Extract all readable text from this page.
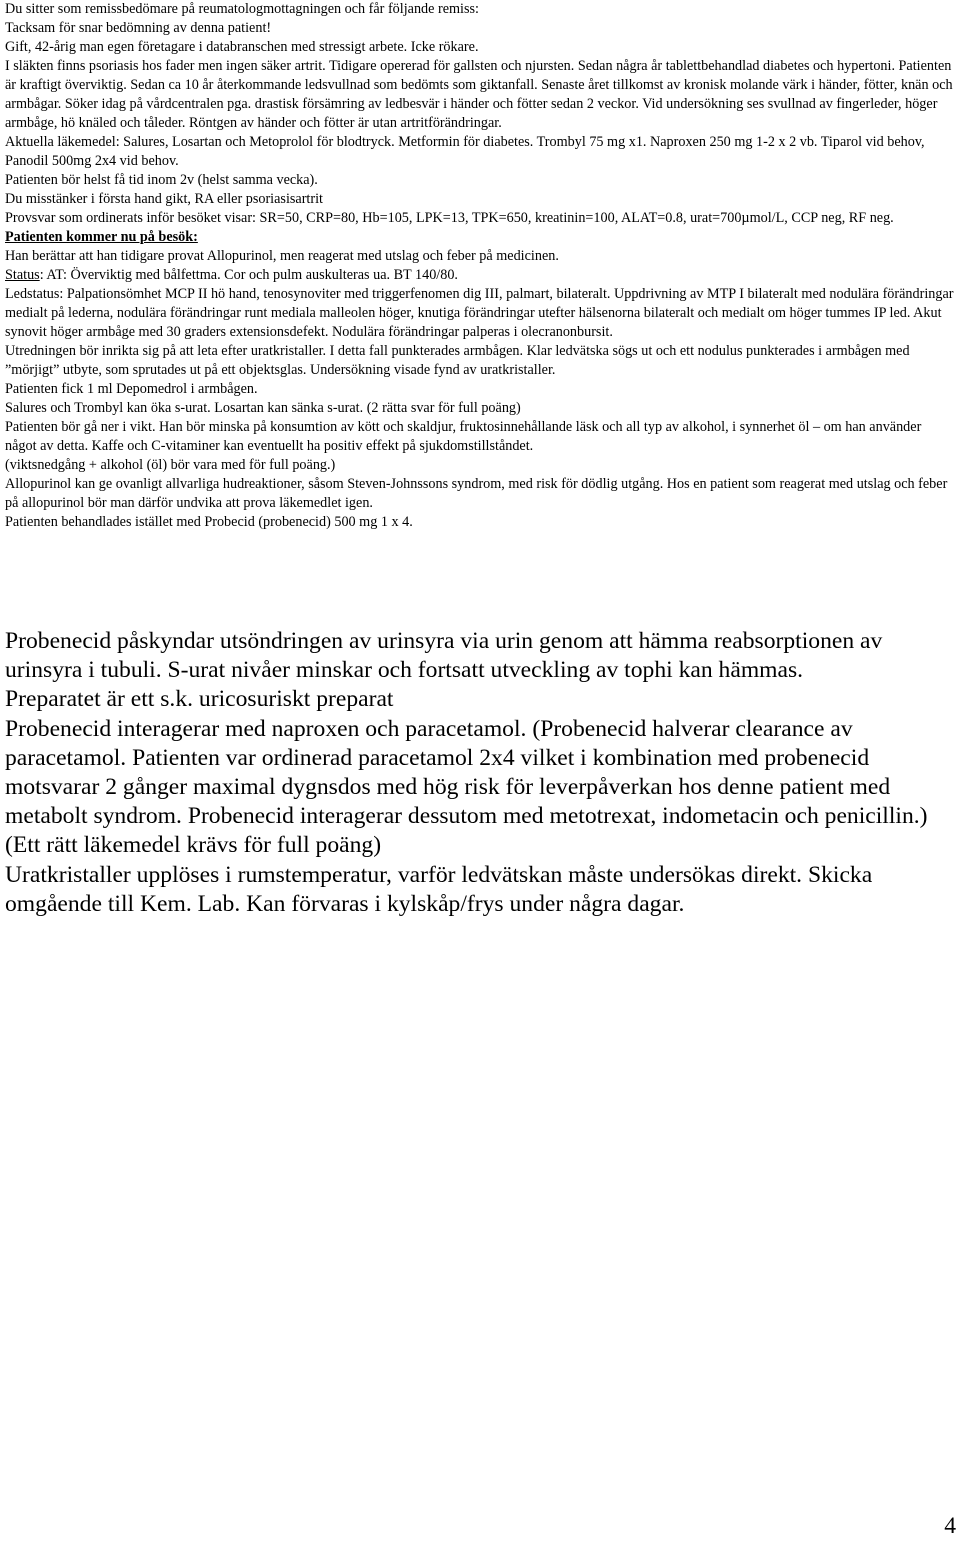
Du sitter som remissbedömare på reumatologmottagningen och får följande remiss:

Tacksam för snar bedömning av denna patient!

Gift, 42-årig man egen företagare i databranschen med stressigt arbete. Icke rökare.

I släkten finns psoriasis hos fader men ingen säker artrit. Tidigare opererad för gallsten och njursten. Sedan några år tablettbehandlad diabetes och hypertoni. Patienten är kraftigt överviktig. Sedan ca 10 år återkommande ledsvullnad som bedömts som giktanfall. Senaste året tillkomst av kronisk molande värk i händer, fötter, knän och armbågar. Söker idag på vårdcentralen pga. drastisk försämring av ledbesvär i händer och fötter sedan 2 veckor. Vid undersökning ses svullnad av fingerleder, höger armbåge, hö knäled och tåleder. Röntgen av händer och fötter är utan artritförändringar.

Aktuella läkemedel: Salures, Losartan och Metoprolol för blodtryck. Metformin för diabetes. Trombyl 75 mg x1. Naproxen 250 mg 1-2 x 2 vb. Tiparol vid behov, Panodil 500mg 2x4 vid behov.

Patienten bör helst få tid inom 2v (helst samma vecka).

Du misstänker i första hand gikt, RA eller psoriasisartrit

Provsvar som ordinerats inför besöket visar: SR=50, CRP=80, Hb=105, LPK=13, TPK=650, kreatinin=100, ALAT=0.8, urat=700µmol/L, CCP neg, RF neg.

Patienten kommer nu på besök:

Han berättar att han tidigare provat Allopurinol, men reagerat med utslag och feber på medicinen.

Status: AT: Överviktig med bålfettma. Cor och pulm auskulteras ua. BT 140/80.

Ledstatus: Palpationsömhet MCP II hö hand, tenosynoviter med triggerfenomen dig III, palmart, bilateralt. Uppdrivning av MTP I bilateralt med nodulära förändringar medialt på lederna, nodulära förändringar runt mediala malleolen höger, knutiga förändringar utefter hälsenorna bilateralt och medialt om höger tummes IP led. Akut synovit höger armbåge med 30 graders extensionsdefekt. Nodulära förändringar palperas i olecranonbursit.

Utredningen bör inrikta sig på att leta efter uratkristaller. I detta fall punkterades armbågen. Klar ledvätska sögs ut och ett nodulus punkterades i armbågen med ”mörjigt” utbyte, som sprutades ut på ett objektsglas. Undersökning visade fynd av uratkristaller.

Patienten fick 1 ml Depomedrol i armbågen.

Salures och Trombyl kan öka s-urat. Losartan kan sänka s-urat. (2 rätta svar för full poäng)

Patienten bör gå ner i vikt. Han bör minska på konsumtion av kött och skaldjur, fruktosinnehållande läsk och all typ av alkohol, i synnerhet öl – om han använder något av detta. Kaffe och C-vitaminer kan eventuellt ha positiv effekt på sjukdomstillståndet.

(viktsnedgång + alkohol (öl) bör vara med för full poäng.)

Allopurinol kan ge ovanligt allvarliga hudreaktioner, såsom Steven-Johnssons syndrom, med risk för dödlig utgång. Hos en patient som reagerat med utslag och feber på allopurinol bör man därför undvika att prova läkemedlet igen.

Patienten behandlades istället med Probecid (probenecid) 500 mg 1 x 4.

Probenecid påskyndar utsöndringen av urinsyra via urin genom att hämma reabsorptionen av urinsyra i tubuli. S-urat nivåer minskar och fortsatt utveckling av tophi kan hämmas.

Preparatet är ett s.k. uricosuriskt preparat

Probenecid interagerar med naproxen och paracetamol. (Probenecid halverar clearance av paracetamol. Patienten var ordinerad paracetamol 2x4 vilket i kombination med probenecid motsvarar 2 gånger maximal dygnsdos med hög risk för leverpåverkan hos denne patient med metabolt syndrom. Probenecid interagerar dessutom med metotrexat, indometacin och penicillin.) (Ett rätt läkemedel krävs för full poäng)

Uratkristaller upplöses i rumstemperatur, varför ledvätskan måste undersökas direkt. Skicka omgående till Kem. Lab. Kan förvaras i kylskåp/frys under några dagar.

4
